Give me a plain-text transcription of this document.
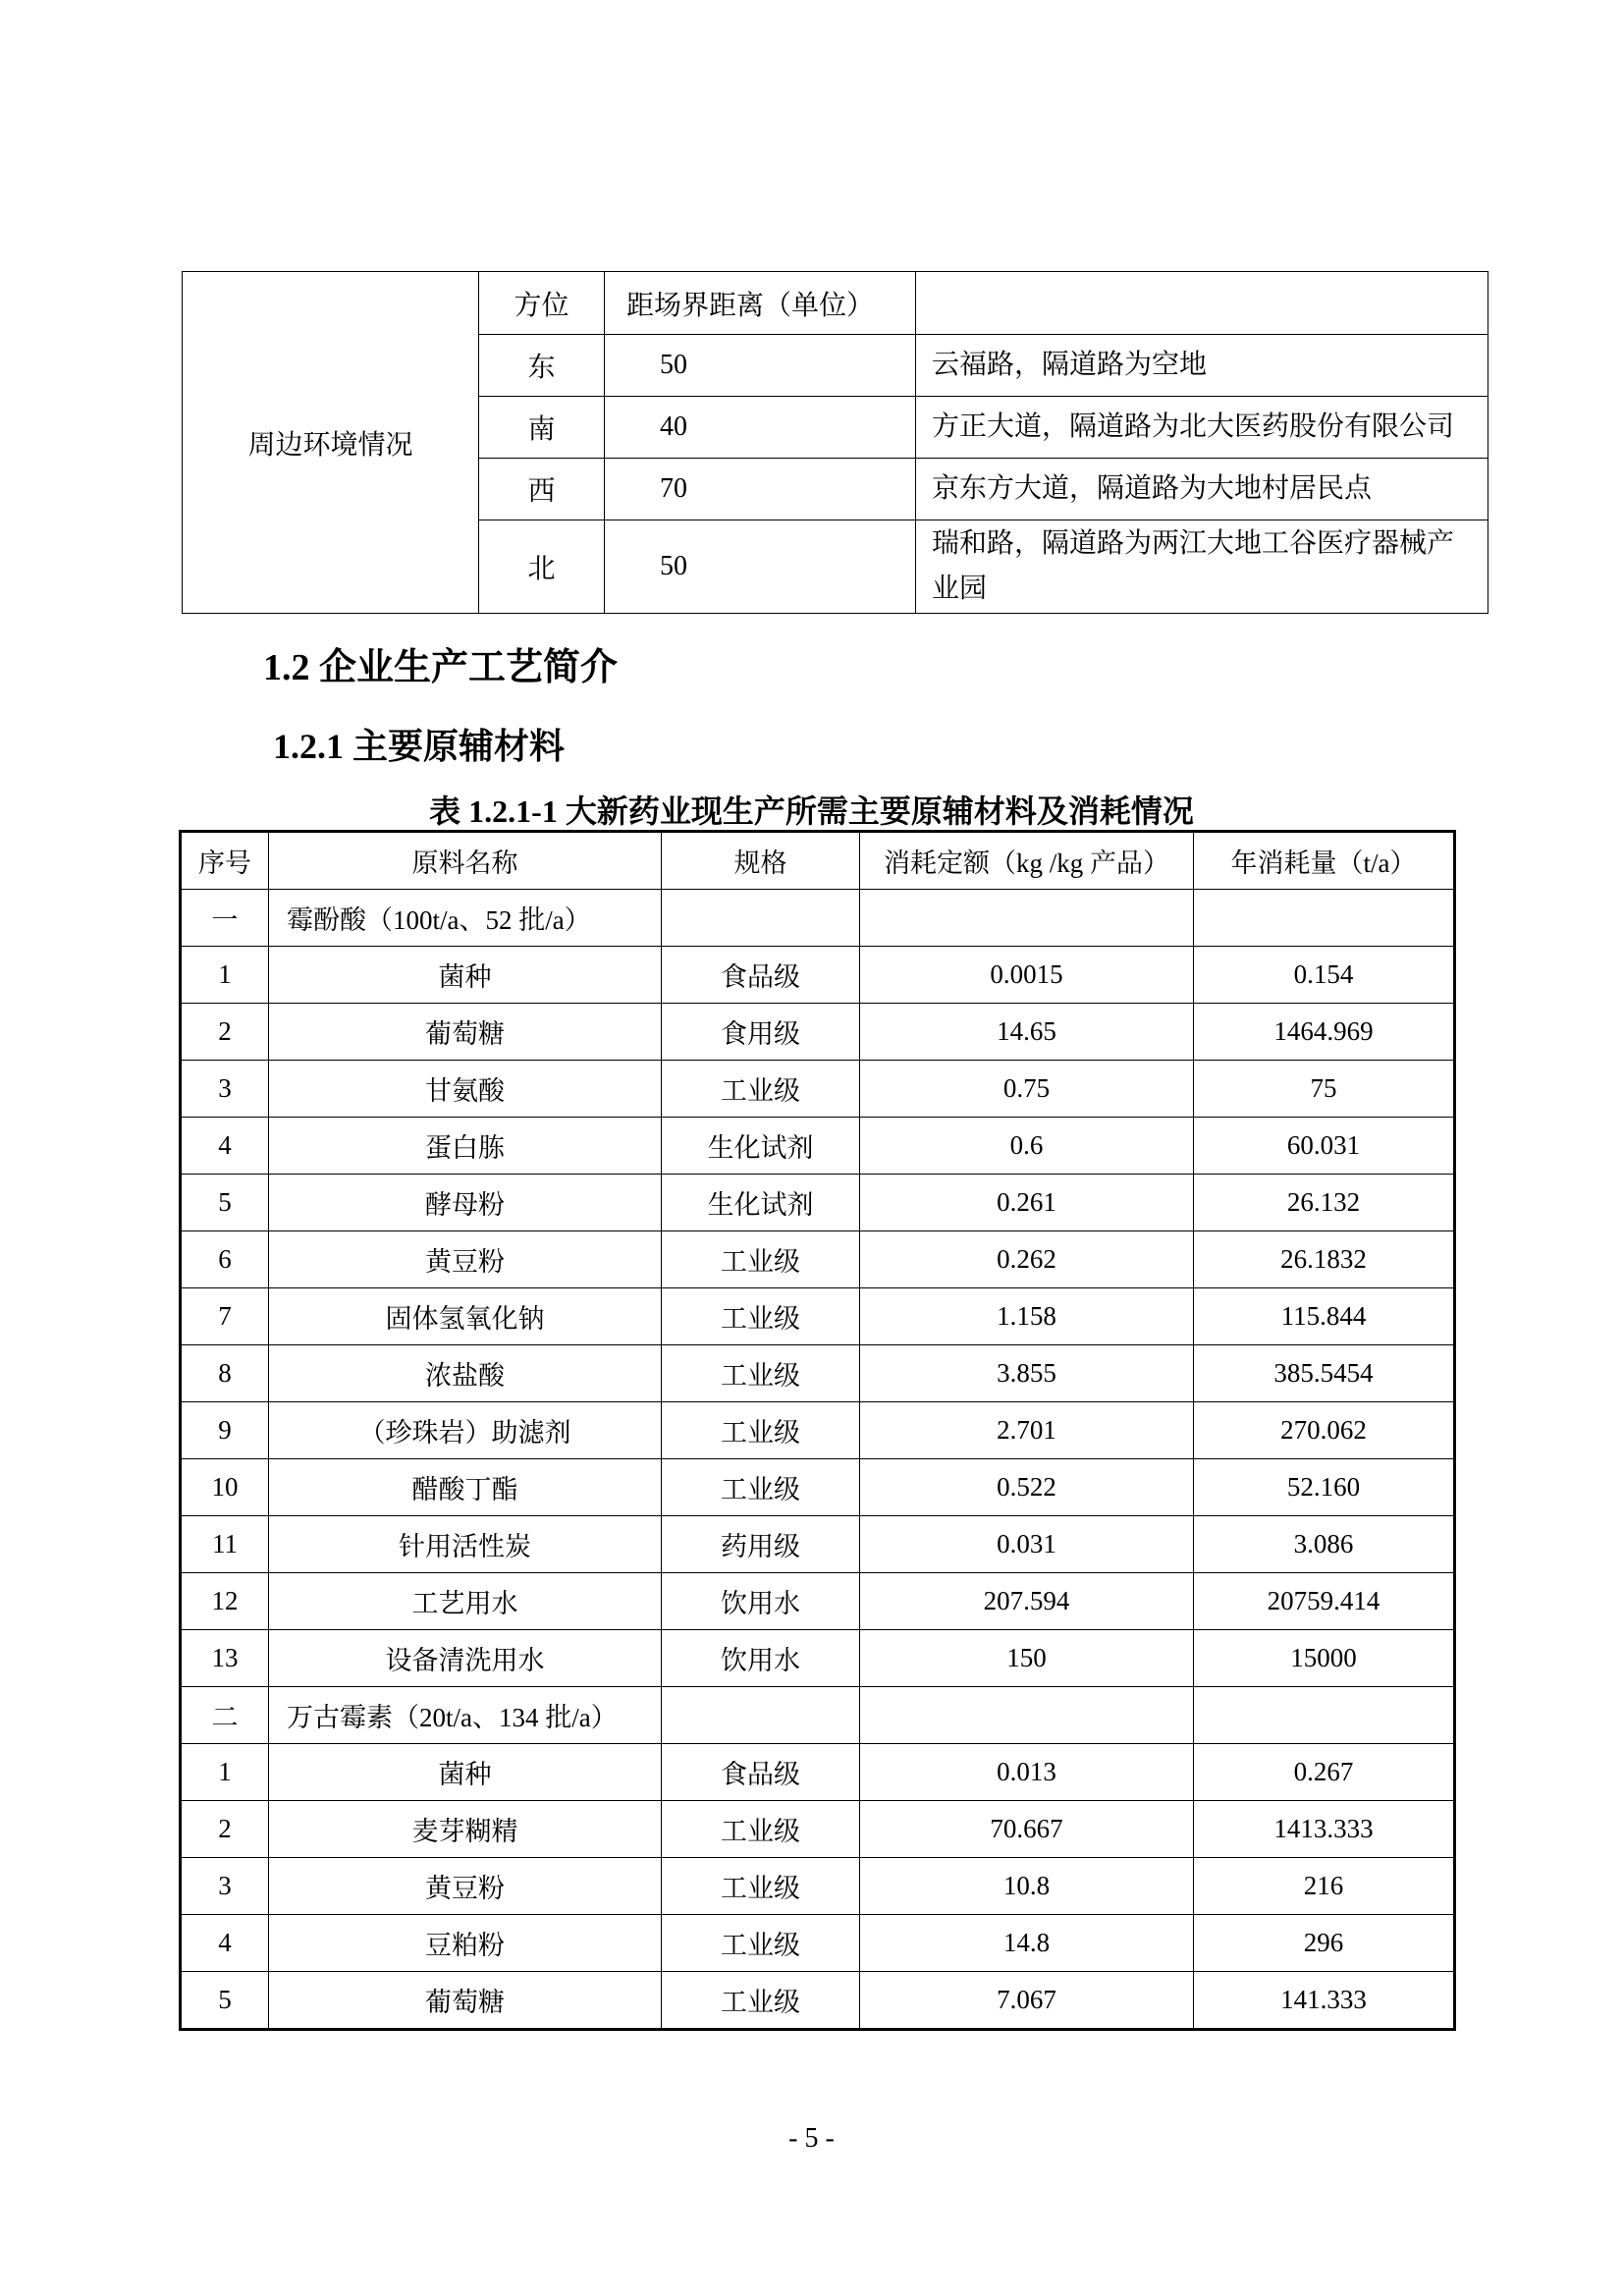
周边环境情况	方位	距场界距离（单位）	
	东	50	云福路，隔道路为空地
	南	40	方正大道，隔道路为北大医药股份有限公司
	西	70	京东方大道，隔道路为大地村居民点
	北	50	瑞和路，隔道路为两江大地工谷医疗器械产业园
1.2 企业生产工艺简介
1.2.1 主要原辅材料
表 1.2.1-1 大新药业现生产所需主要原辅材料及消耗情况
序号	原料名称	规格	消耗定额（kg /kg 产品）	年消耗量（t/a）
一	霉酚酸（100t/a、52 批/a）			
1	菌种	食品级	0.0015	0.154
2	葡萄糖	食用级	14.65	1464.969
3	甘氨酸	工业级	0.75	75
4	蛋白胨	生化试剂	0.6	60.031
5	酵母粉	生化试剂	0.261	26.132
6	黄豆粉	工业级	0.262	26.1832
7	固体氢氧化钠	工业级	1.158	115.844
8	浓盐酸	工业级	3.855	385.5454
9	（珍珠岩）助滤剂	工业级	2.701	270.062
10	醋酸丁酯	工业级	0.522	52.160
11	针用活性炭	药用级	0.031	3.086
12	工艺用水	饮用水	207.594	20759.414
13	设备清洗用水	饮用水	150	15000
二	万古霉素（20t/a、134 批/a）			
1	菌种	食品级	0.013	0.267
2	麦芽糊精	工业级	70.667	1413.333
3	黄豆粉	工业级	10.8	216
4	豆粕粉	工业级	14.8	296
5	葡萄糖	工业级	7.067	141.333
- 5 -
